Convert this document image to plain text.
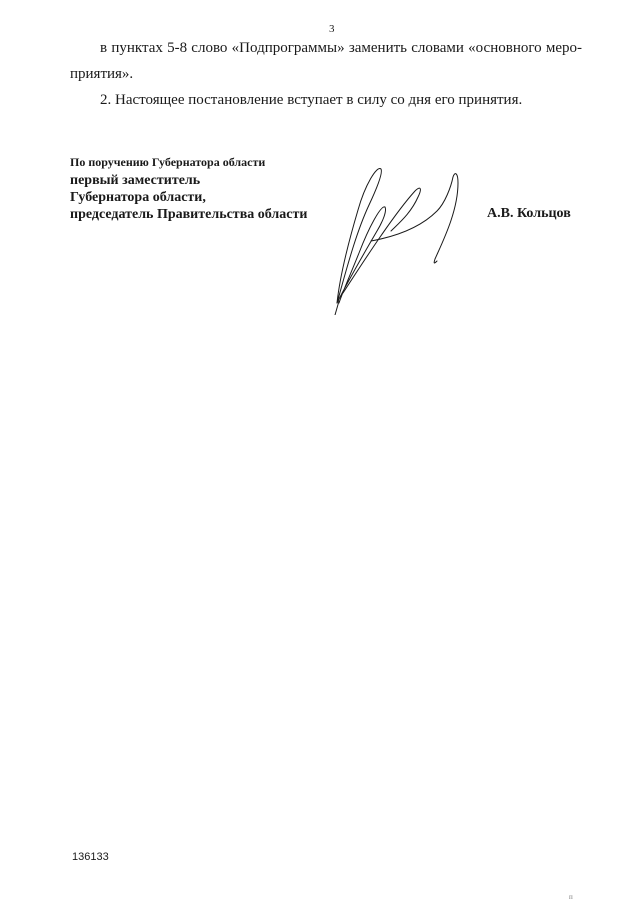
3
в пунктах 5-8 слово «Подпрограммы» заменить словами «основного меро-
приятия».
2. Настоящее постановление вступает в силу со дня его принятия.
По поручению Губернатора области
первый заместитель
Губернатора области,
председатель Правительства области	А.В. Кольцов
136133
п
